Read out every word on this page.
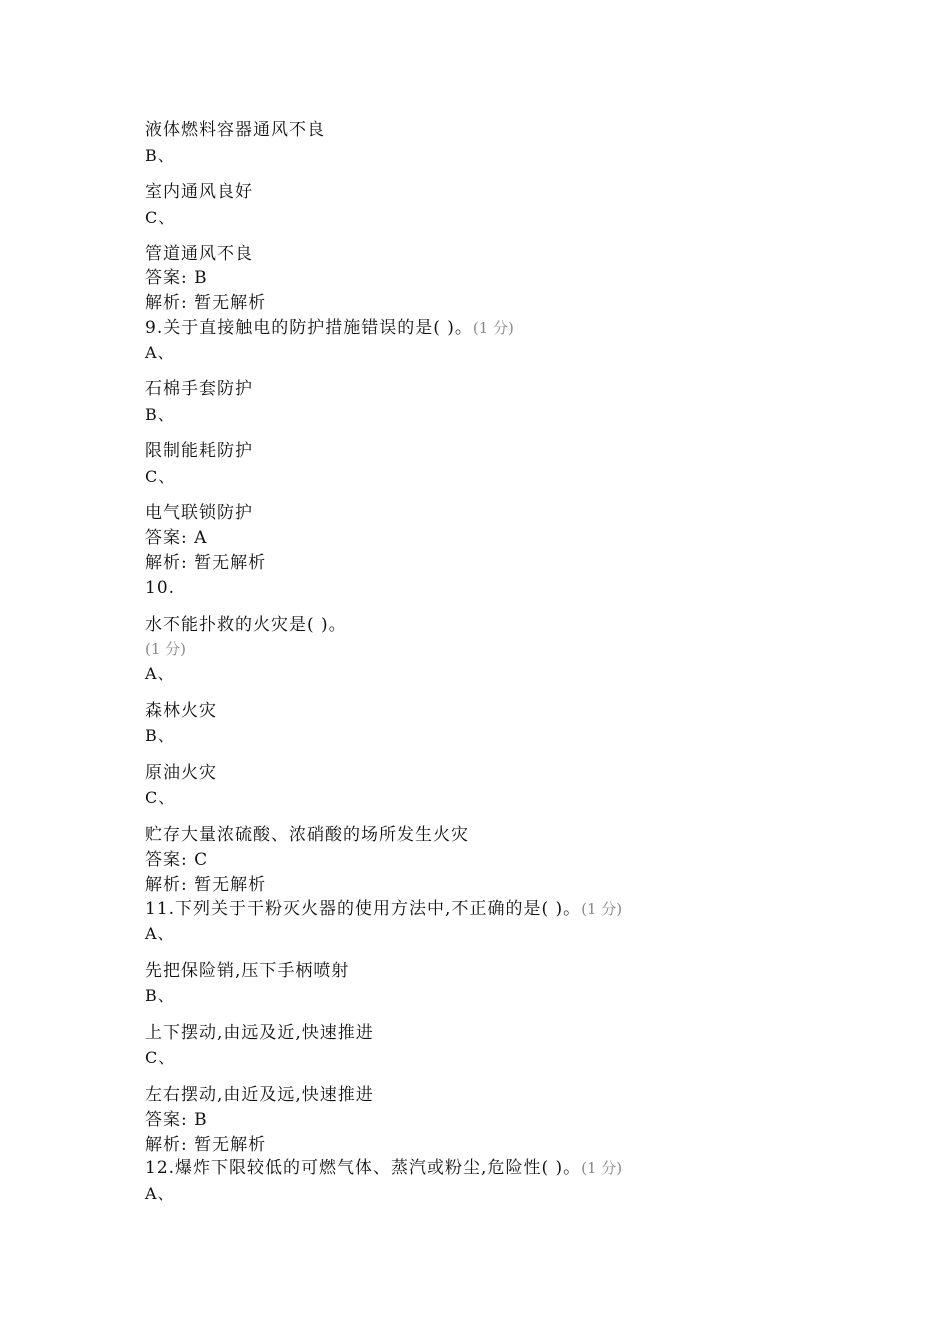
液体燃料容器通风不良
B、
室内通风良好
C、
管道通风不良
答案: B
解析: 暂无解析
9.关于直接触电的防护措施错误的是( )。(1 分)
A、
石棉手套防护
B、
限制能耗防护
C、
电气联锁防护
答案: A
解析: 暂无解析
10.
水不能扑救的火灾是( )。
(1 分)
A、
森林火灾
B、
原油火灾
C、
贮存大量浓硫酸、浓硝酸的场所发生火灾
答案: C
解析: 暂无解析
11.下列关于干粉灭火器的使用方法中,不正确的是( )。(1 分)
A、
先把保险销,压下手柄喷射
B、
上下摆动,由远及近,快速推进
C、
左右摆动,由近及远,快速推进
答案: B
解析: 暂无解析
12.爆炸下限较低的可燃气体、蒸汽或粉尘,危险性( )。(1 分)
A、
